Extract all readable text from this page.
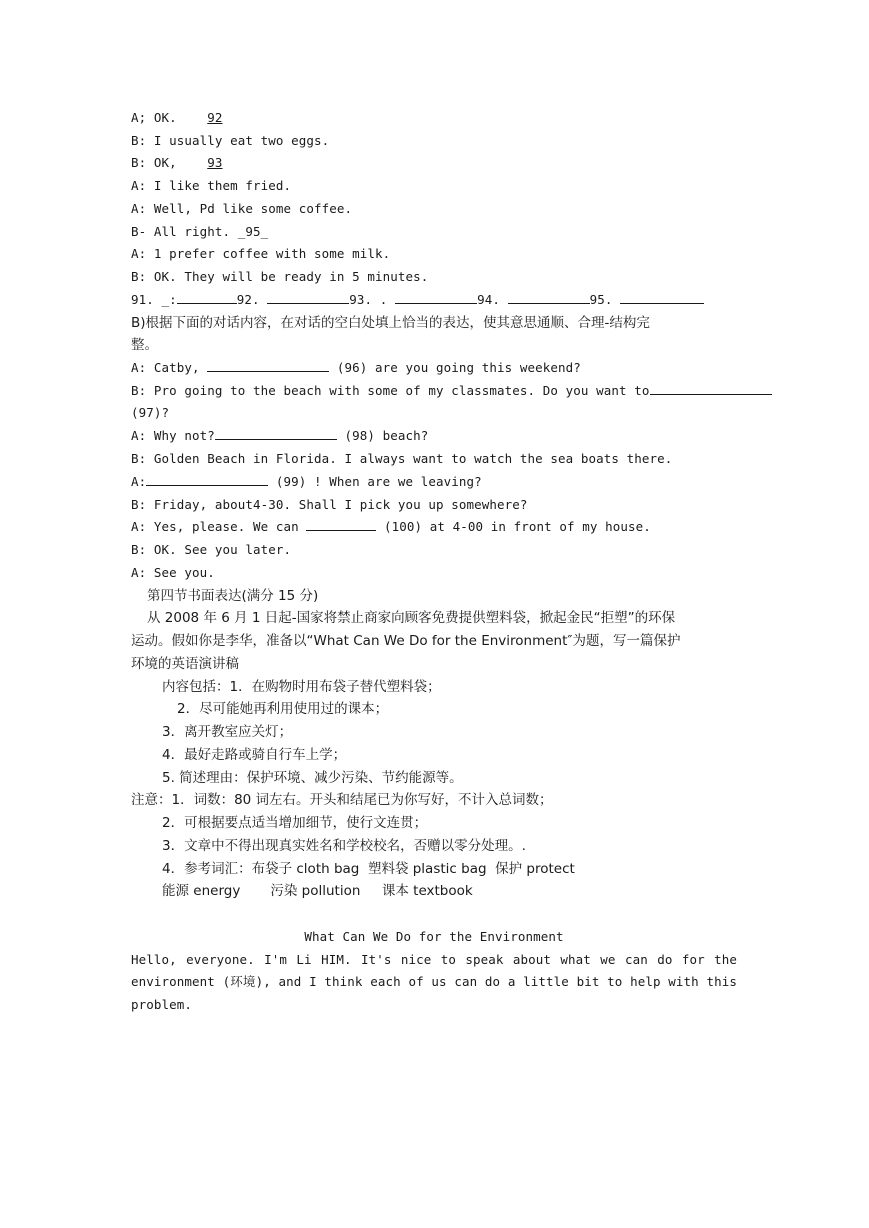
A; OK.    92
B: I usually eat two eggs.
B: OK,    93
A: I like them fried.
A: Well, Pd like some coffee.
B- All right. _95_
A: 1 prefer coffee with some milk.
B: OK. They will be ready in 5 minutes.
91. _:	92.	93. .	94.	95.
B)根据下面的对话内容，在对话的空白处填上恰当的表达，使其意思通顺、合理-结构完
整。
A: Catby,	(96) are you going this weekend?
B: Pro going to the beach with some of my classmates. Do you want to
(97)?
A: Why not?	(98) beach?
B: Golden Beach in Florida. I always want to watch the sea boats there.
A:	(99) ! When are we leaving?
B: Friday, about4-30. Shall I pick you up somewhere?
A: Yes, please. We can	(100) at 4-00 in front of my house.
B: OK. See you later.
A: See you.
第四节书面表达(满分 15 分)
从 2008 年 6 月 1 日起-国家将禁止商家向顾客免费提供塑料袋，掀起金民“拒塑”的环保
运动。假如你是李华，准备以“What Can We Do for the Environment″为题，写一篇保护
环境的英语演讲稿
内容包括：1．在购物时用布袋子替代塑料袋；
2．尽可能她再利用使用过的课本；
3．离开教室应关灯；
4．最好走路或骑自行车上学；
5. 简述理由：保护环境、减少污染、节约能源等。
注意：1．词数：80 词左右。开头和结尾已为你写好，不计入总词数；
2．可根据要点适当增加细节，使行文连贯；
3．文章中不得出现真实姓名和学校校名，否赠以零分处理。.
4．参考词汇：布袋子 cloth bag  塑料袋 plastic bag  保护 protect
能源 energy       污染 pollution     课本 textbook
What Can We Do for the Environment
Hello, everyone. I'm Li HIM. It's nice to speak about what we can do for the
environment (环境), and I think each of us can do a little bit to help with this
problem.
